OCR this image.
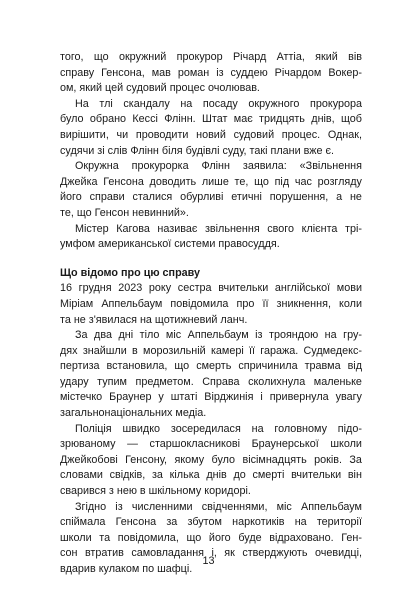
того, що окружний прокурор Річард Аттіа, який вів
справу Генсона, мав роман із суддею Річардом Вокер-
ом, який цей судовий процес очолював.

На тлі скандалу на посаду окружного прокурора
було обрано Кессі Флінн. Штат має тридцять днів, щоб
вирішити, чи проводити новий судовий процес. Однак,
судячи зі слів Флінн біля будівлі суду, такі плани вже є.

Окружна прокурорка Флінн заявила: «Звільнення
Джейка Генсона доводить лише те, що під час розгляду
його справи сталися обурливі етичні порушення, а не
те, що Генсон невинний».

Містер Кагова називає звільнення свого клієнта трі-
умфом американської системи правосуддя.

Що відомо про цю справу

16 грудня 2023 року сестра вчительки англійської мови
Міріам Аппельбаум повідомила про її зникнення, коли
та не з'явилася на щотижневий ланч.

За два дні тіло міс Аппельбаум із трояндою на гру-
дях знайшли в морозильній камері її гаража. Судмедекс-
пертиза встановила, що смерть спричинила травма від
удару тупим предметом. Справа сколихнула маленьке
містечко Браунер у штаті Вірджинія і привернула увагу
загальнонаціональних медіа.

Поліція швидко зосередилася на головному підо-
зрюваному — старшокласникові Браунерської школи
Джейкобові Генсону, якому було вісімнадцять років. За
словами свідків, за кілька днів до смерті вчительки він
сварився з нею в шкільному коридорі.

Згідно із численними свідченнями, міс Аппельбаум
спіймала Генсона за збутом наркотиків на території
школи та повідомила, що його буде відраховано. Ген-
сон втратив самовладання і, як стверджують очевидці,
вдарив кулаком по шафці.

13
